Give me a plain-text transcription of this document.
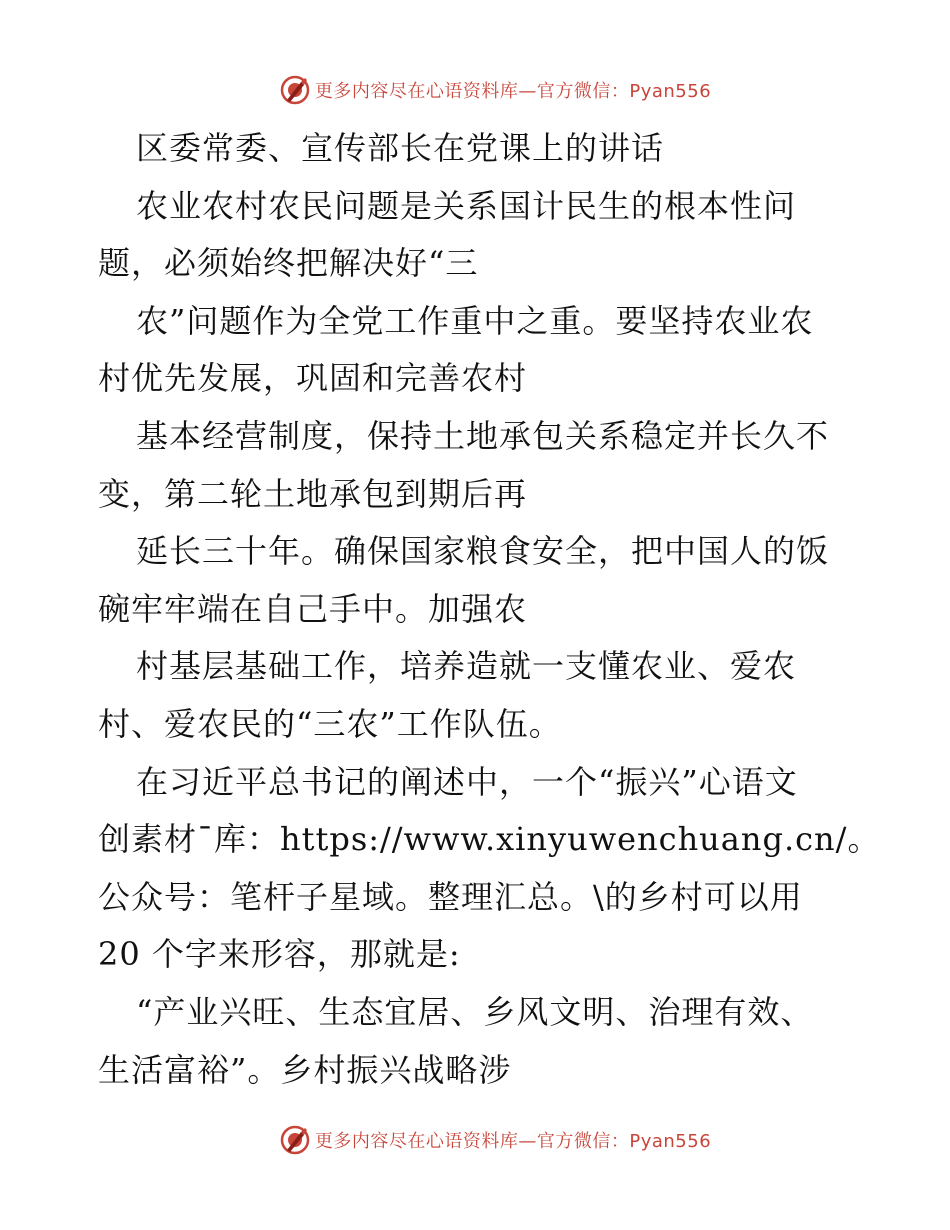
更多内容尽在心语资料库—官方微信：Pyan556
区委常委、宣传部长在党课上的讲话
农业农村农民问题是关系国计民生的根本性问
题，必须始终把解决好“三
农”问题作为全党工作重中之重。要坚持农业农
村优先发展，巩固和完善农村
基本经营制度，保持土地承包关系稳定并长久不
变，第二轮土地承包到期后再
延长三十年。确保国家粮食安全，把中国人的饭
碗牢牢端在自己手中。加强农
村基层基础工作，培养造就一支懂农业、爱农
村、爱农民的“三农”工作队伍。
在习近平总书记的阐述中，一个“振兴”心语文
创素材¯库：https://www.xinyuwenchuang.cn/。
公众号：笔杆子星域。整理汇总。\的乡村可以用
20 个字来形容，那就是:
“产业兴旺、生态宜居、乡风文明、治理有效、
生活富裕”。乡村振兴战略涉
更多内容尽在心语资料库—官方微信：Pyan556
